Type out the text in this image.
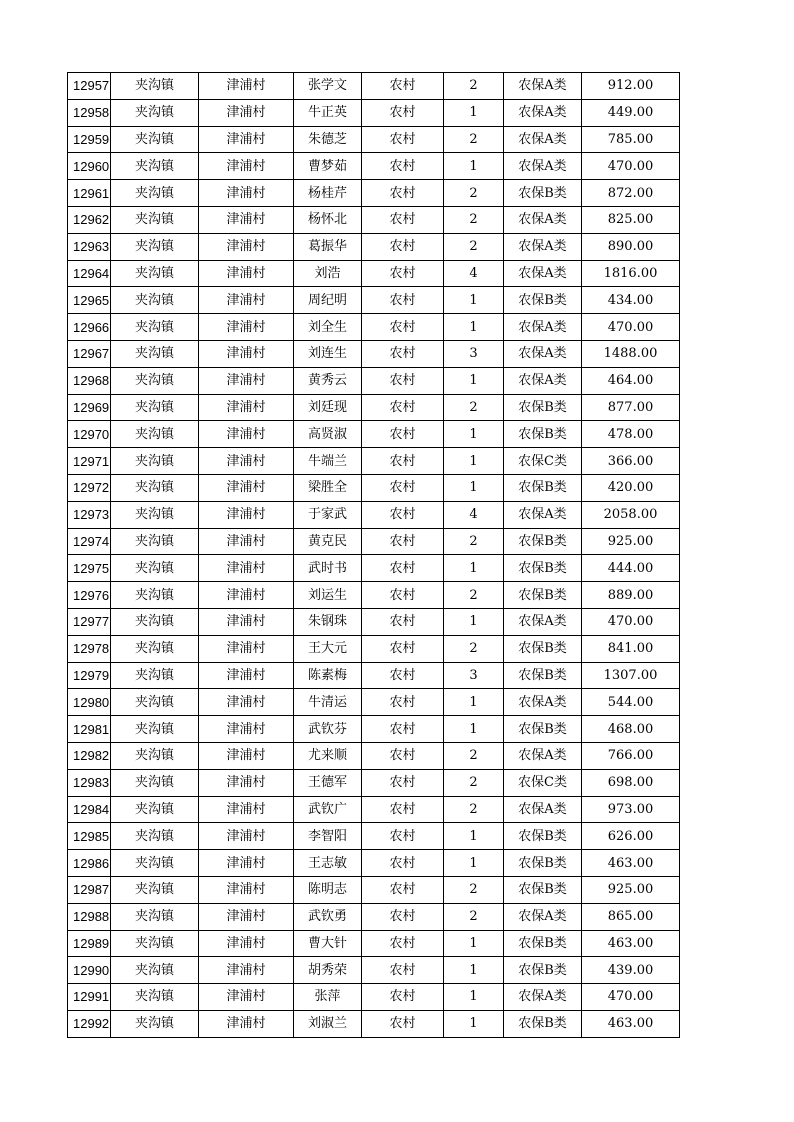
12957	夹沟镇	津浦村	张学文	农村	2	农保A类	912.00
12958	夹沟镇	津浦村	牛正英	农村	1	农保A类	449.00
12959	夹沟镇	津浦村	朱德芝	农村	2	农保A类	785.00
12960	夹沟镇	津浦村	曹梦茹	农村	1	农保A类	470.00
12961	夹沟镇	津浦村	杨桂芹	农村	2	农保B类	872.00
12962	夹沟镇	津浦村	杨怀北	农村	2	农保A类	825.00
12963	夹沟镇	津浦村	葛振华	农村	2	农保A类	890.00
12964	夹沟镇	津浦村	刘浩	农村	4	农保A类	1816.00
12965	夹沟镇	津浦村	周纪明	农村	1	农保B类	434.00
12966	夹沟镇	津浦村	刘全生	农村	1	农保A类	470.00
12967	夹沟镇	津浦村	刘连生	农村	3	农保A类	1488.00
12968	夹沟镇	津浦村	黄秀云	农村	1	农保A类	464.00
12969	夹沟镇	津浦村	刘廷现	农村	2	农保B类	877.00
12970	夹沟镇	津浦村	高贤淑	农村	1	农保B类	478.00
12971	夹沟镇	津浦村	牛端兰	农村	1	农保C类	366.00
12972	夹沟镇	津浦村	梁胜全	农村	1	农保B类	420.00
12973	夹沟镇	津浦村	于家武	农村	4	农保A类	2058.00
12974	夹沟镇	津浦村	黄克民	农村	2	农保B类	925.00
12975	夹沟镇	津浦村	武时书	农村	1	农保B类	444.00
12976	夹沟镇	津浦村	刘运生	农村	2	农保B类	889.00
12977	夹沟镇	津浦村	朱钢珠	农村	1	农保A类	470.00
12978	夹沟镇	津浦村	王大元	农村	2	农保B类	841.00
12979	夹沟镇	津浦村	陈素梅	农村	3	农保B类	1307.00
12980	夹沟镇	津浦村	牛清运	农村	1	农保A类	544.00
12981	夹沟镇	津浦村	武钦芬	农村	1	农保B类	468.00
12982	夹沟镇	津浦村	尤来顺	农村	2	农保A类	766.00
12983	夹沟镇	津浦村	王德军	农村	2	农保C类	698.00
12984	夹沟镇	津浦村	武钦广	农村	2	农保A类	973.00
12985	夹沟镇	津浦村	李智阳	农村	1	农保B类	626.00
12986	夹沟镇	津浦村	王志敏	农村	1	农保B类	463.00
12987	夹沟镇	津浦村	陈明志	农村	2	农保B类	925.00
12988	夹沟镇	津浦村	武钦勇	农村	2	农保A类	865.00
12989	夹沟镇	津浦村	曹大针	农村	1	农保B类	463.00
12990	夹沟镇	津浦村	胡秀荣	农村	1	农保B类	439.00
12991	夹沟镇	津浦村	张萍	农村	1	农保A类	470.00
12992	夹沟镇	津浦村	刘淑兰	农村	1	农保B类	463.00
